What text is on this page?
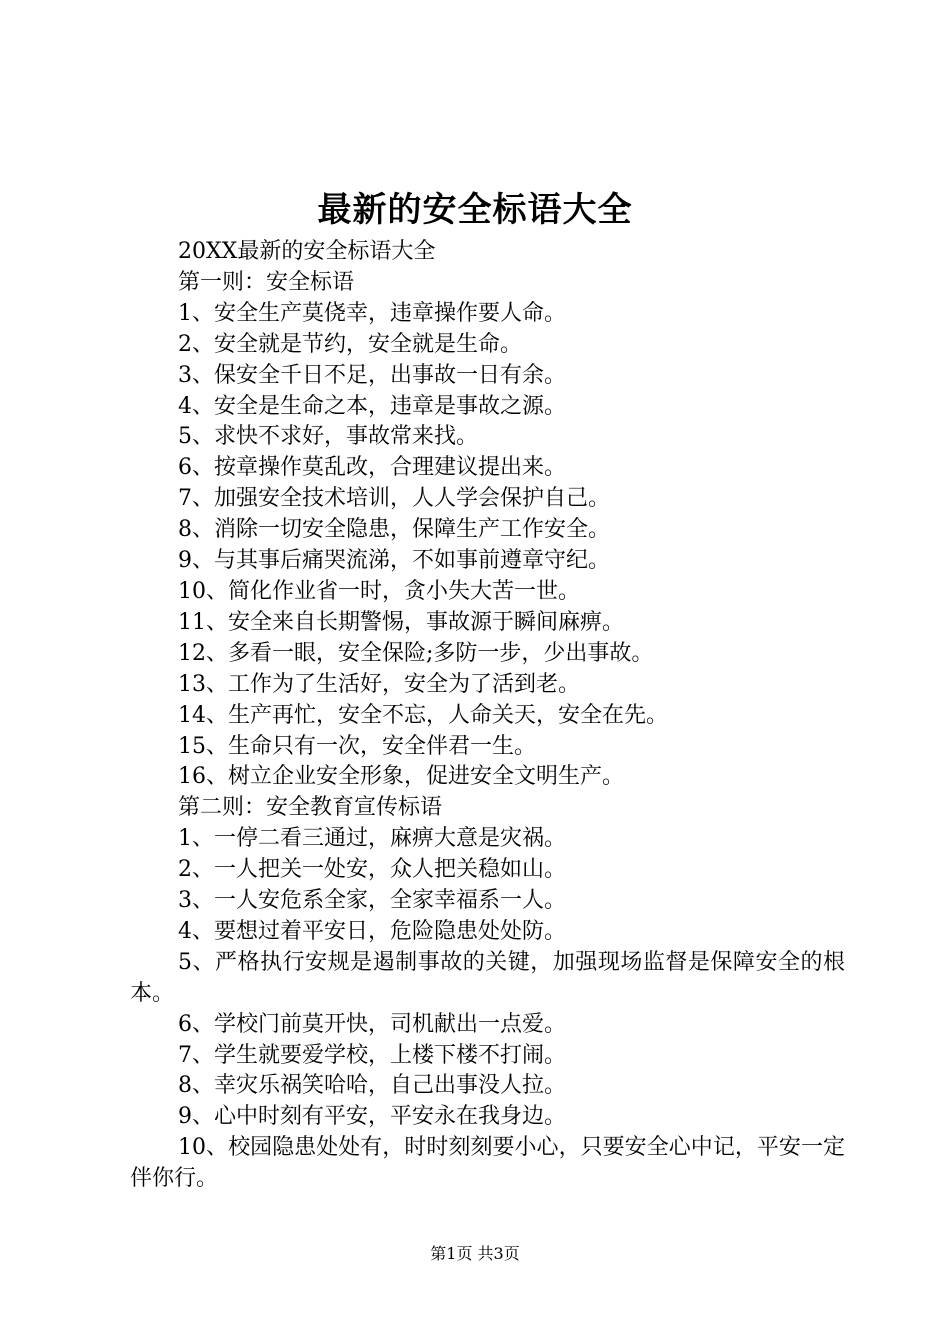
最新的安全标语大全

20XX最新的安全标语大全

第一则：安全标语

1、安全生产莫侥幸，违章操作要人命。

2、安全就是节约，安全就是生命。

3、保安全千日不足，出事故一日有余。

4、安全是生命之本，违章是事故之源。

5、求快不求好，事故常来找。

6、按章操作莫乱改，合理建议提出来。

7、加强安全技术培训，人人学会保护自己。

8、消除一切安全隐患，保障生产工作安全。

9、与其事后痛哭流涕，不如事前遵章守纪。

10、简化作业省一时，贪小失大苦一世。

11、安全来自长期警惕，事故源于瞬间麻痹。

12、多看一眼，安全保险;多防一步，少出事故。

13、工作为了生活好，安全为了活到老。

14、生产再忙，安全不忘，人命关天，安全在先。

15、生命只有一次，安全伴君一生。

16、树立企业安全形象，促进安全文明生产。

第二则：安全教育宣传标语

1、一停二看三通过，麻痹大意是灾祸。

2、一人把关一处安，众人把关稳如山。

3、一人安危系全家，全家幸福系一人。

4、要想过着平安日，危险隐患处处防。

5、严格执行安规是遏制事故的关键，加强现场监督是保障安全的根本。

6、学校门前莫开快，司机献出一点爱。

7、学生就要爱学校，上楼下楼不打闹。

8、幸灾乐祸笑哈哈，自己出事没人拉。

9、心中时刻有平安，平安永在我身边。

10、校园隐患处处有，时时刻刻要小心，只要安全心中记，平安一定伴你行。

第1页 共3页
